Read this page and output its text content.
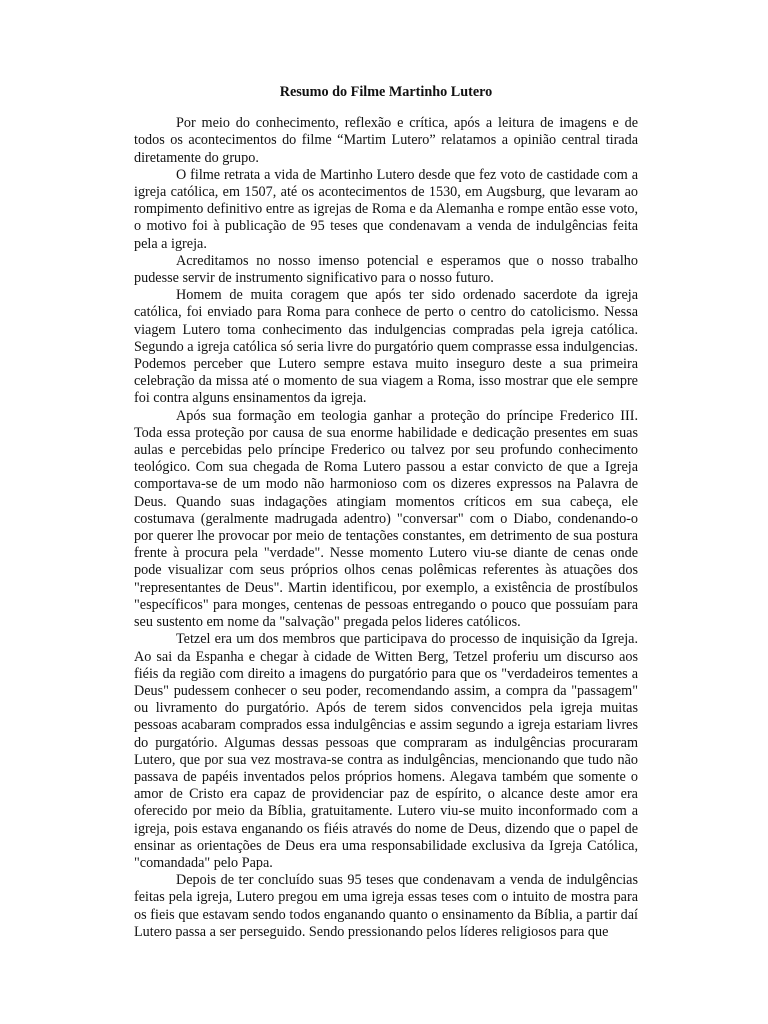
Resumo do Filme Martinho Lutero

Por meio do conhecimento, reflexão e crítica, após a leitura de imagens e de todos os acontecimentos do filme “Martim Lutero” relatamos a opinião central tirada diretamente do grupo.

O filme retrata a vida de Martinho Lutero desde que fez voto de castidade com a igreja católica, em 1507, até os acontecimentos de 1530, em Augsburg, que levaram ao rompimento definitivo entre as igrejas de Roma e da Alemanha e rompe então esse voto, o motivo foi à publicação de 95 teses que condenavam a venda de indulgências feita pela a igreja.

Acreditamos no nosso imenso potencial e esperamos que o nosso trabalho pudesse servir de instrumento significativo para o nosso futuro.

Homem de muita coragem que após ter sido ordenado sacerdote da igreja católica, foi enviado para Roma para conhece de perto o centro do catolicismo. Nessa viagem Lutero toma conhecimento das indulgencias compradas pela igreja católica. Segundo a igreja católica só seria livre do purgatório quem comprasse essa indulgencias. Podemos perceber que Lutero sempre estava muito inseguro deste a sua primeira celebração da missa até o momento de sua viagem a Roma, isso mostrar que ele sempre foi contra alguns ensinamentos da igreja.

Após sua formação em teologia ganhar a proteção do príncipe Frederico III. Toda essa proteção por causa de sua enorme habilidade e dedicação presentes em suas aulas e percebidas pelo príncipe Frederico ou talvez por seu profundo conhecimento teológico. Com sua chegada de Roma Lutero passou a estar convicto de que a Igreja comportava-se de um modo não harmonioso com os dizeres expressos na Palavra de Deus. Quando suas indagações atingiam momentos críticos em sua cabeça, ele costumava (geralmente madrugada adentro) "conversar" com o Diabo, condenando-o por querer lhe provocar por meio de tentações constantes, em detrimento de sua postura frente à procura pela "verdade". Nesse momento Lutero viu-se diante de cenas onde pode visualizar com seus próprios olhos cenas polêmicas referentes às atuações dos "representantes de Deus". Martin identificou, por exemplo, a existência de prostíbulos "específicos" para monges, centenas de pessoas entregando o pouco que possuíam para seu sustento em nome da "salvação" pregada pelos lideres católicos.

Tetzel era um dos membros que participava do processo de inquisição da Igreja. Ao sai da Espanha e chegar à cidade de Witten Berg, Tetzel proferiu um discurso aos fiéis da região com direito a imagens do purgatório para que os "verdadeiros tementes a Deus" pudessem conhecer o seu poder, recomendando assim, a compra da "passagem" ou livramento do purgatório. Após de terem sidos convencidos pela igreja muitas pessoas acabaram comprados essa indulgências e assim segundo a igreja estariam livres do purgatório. Algumas dessas pessoas que compraram as indulgências procuraram Lutero, que por sua vez mostrava-se contra as indulgências, mencionando que tudo não passava de papéis inventados pelos próprios homens. Alegava também que somente o amor de Cristo era capaz de providenciar paz de espírito, o alcance deste amor era oferecido por meio da Bíblia, gratuitamente. Lutero viu-se muito inconformado com a igreja, pois estava enganando os fiéis através do nome de Deus, dizendo que o papel de ensinar as orientações de Deus era uma responsabilidade exclusiva da Igreja Católica, "comandada" pelo Papa.

Depois de ter concluído suas 95 teses que condenavam a venda de indulgências feitas pela igreja, Lutero pregou em uma igreja essas teses com o intuito de mostra para os fieis que estavam sendo todos enganando quanto o ensinamento da Bíblia, a partir daí Lutero passa a ser perseguido. Sendo pressionando pelos líderes religiosos para que
